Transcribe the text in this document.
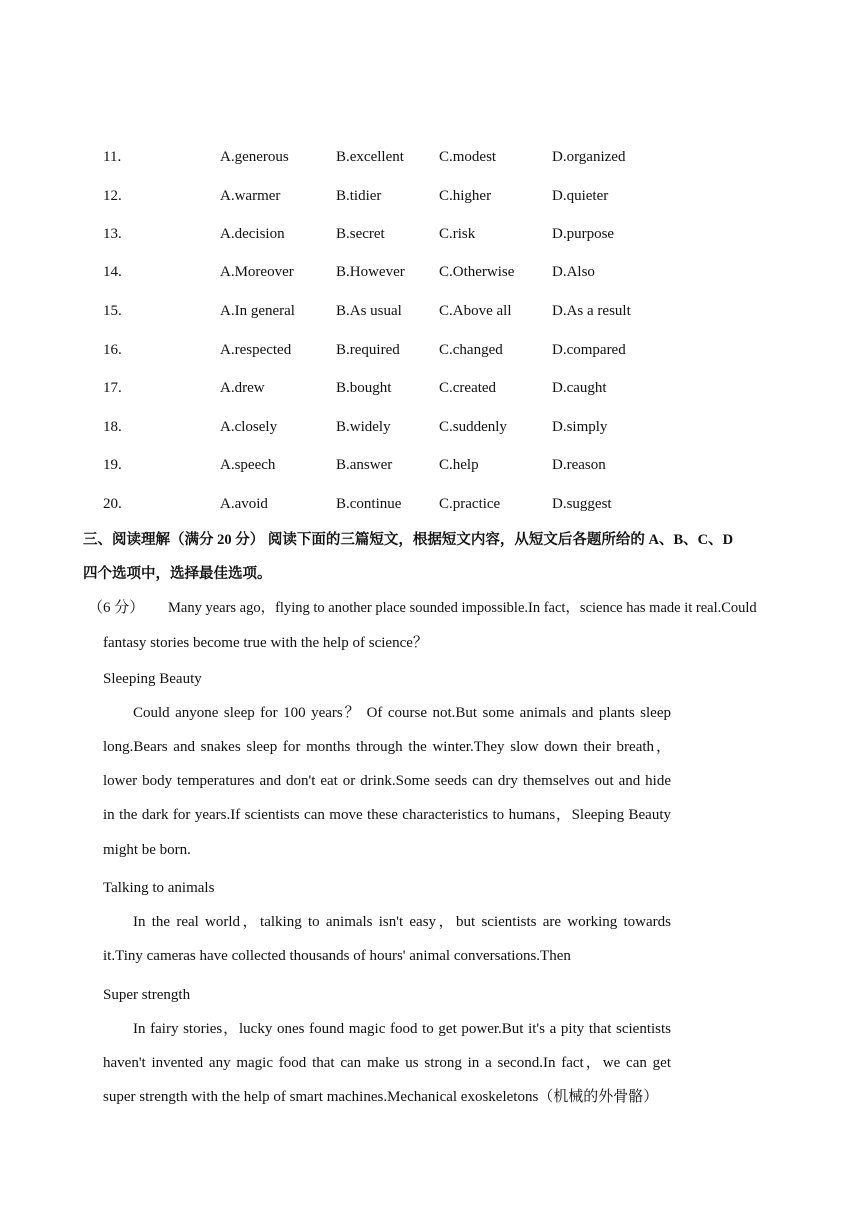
11.	A.generous	B.excellent C.modest	D.organized
12.	A.warmer	B.tidier	C.higher	D.quieter
13.	A.decision	B.secret	C.risk	D.purpose
14.	A.Moreover	B.However C.Otherwise	D.Also
15.	A.In general	B.As usual C.Above all	D.As a result
16.	A.respected	B.required	C.changed	D.compared
17.	A.drew	B.bought	C.created	D.caught
18.	A.closely	B.widely	C.suddenly	D.simply
19.	A.speech	B.answer	C.help	D.reason
20.	A.avoid	B.continue	C.practice	D.suggest
三、阅读理解（满分 20 分） 阅读下面的三篇短文，根据短文内容，从短文后各题所给的 A、B、C、D
四个选项中，选择最佳选项。
（6 分） Many years ago，flying to another place sounded impossible.In fact，science has made it real.Could
fantasy stories become true with the help of science？
Sleeping Beauty
Could anyone sleep for 100 years？ Of course not.But some animals and plants sleep
long.Bears and snakes sleep for months through the winter.They slow down their breath，
lower body temperatures and don't eat or drink.Some seeds can dry themselves out and hide
in the dark for years.If scientists can move these characteristics to humans，Sleeping Beauty
might be born.
Talking to animals
In the real world，talking to animals isn't easy，but scientists are working towards
it.Tiny cameras have collected thousands of hours' animal conversations.Then
Super strength
In fairy stories，lucky ones found magic food to get power.But it's a pity that scientists
haven't invented any magic food that can make us strong in a second.In fact，we can get
super strength with the help of smart machines.Mechanical exoskeletons（机械的外骨骼）
